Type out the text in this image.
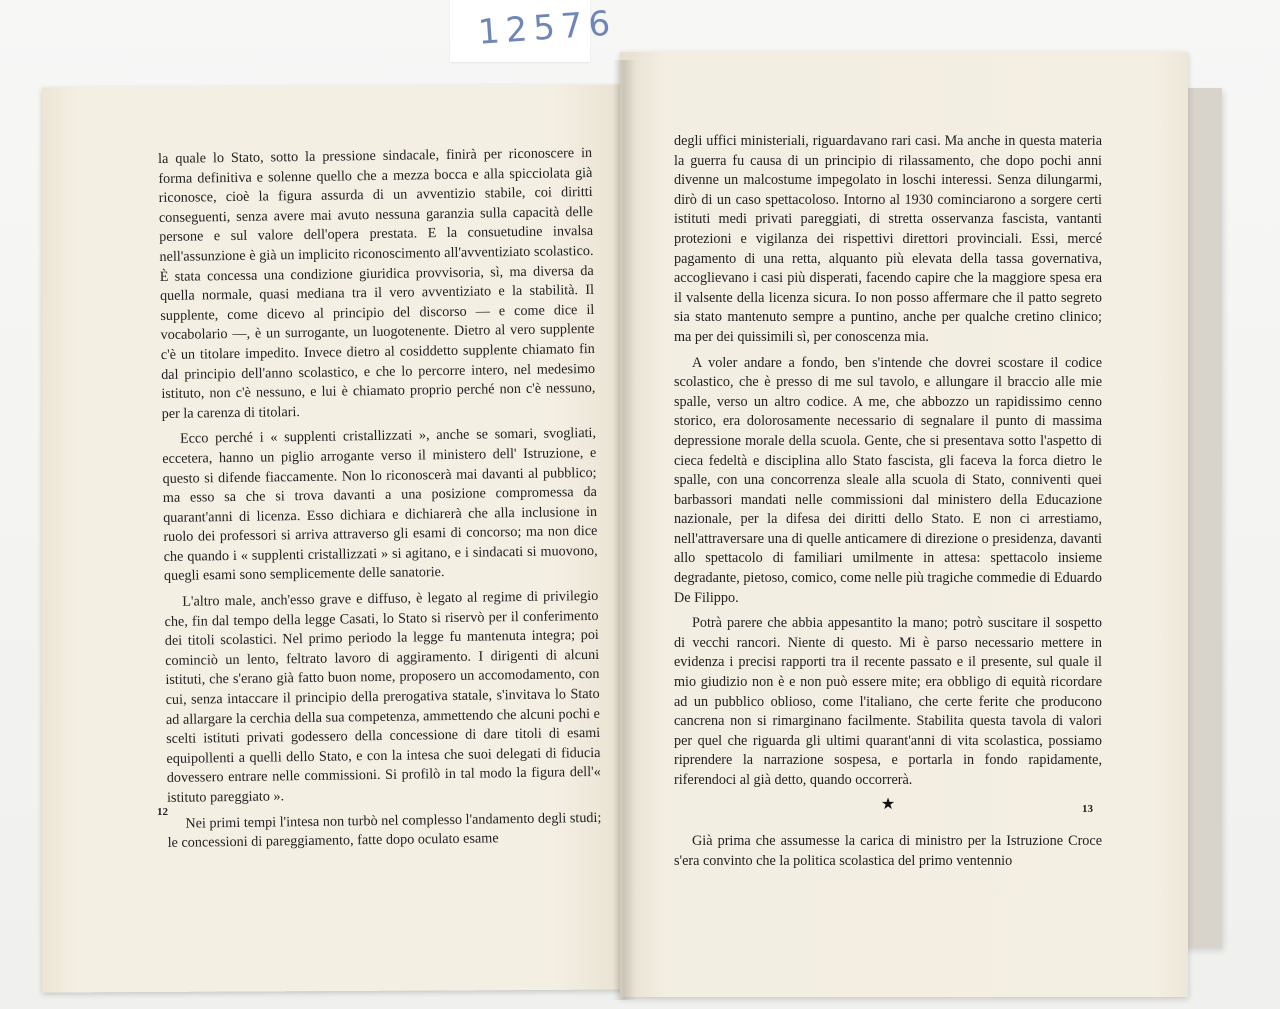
12576

la quale lo Stato, sotto la pressione sindacale, finirà per riconoscere in forma definitiva e solenne quello che a mezza bocca e alla spicciolata già riconosce, cioè la figura assurda di un avventizio stabile, coi diritti conseguenti, senza avere mai avuto nessuna garanzia sulla capacità delle persone e sul valore dell'opera prestata. E la consuetudine invalsa nell'assunzione è già un implicito riconoscimento all'avventiziato scolastico. È stata concessa una condizione giuridica provvisoria, sì, ma diversa da quella normale, quasi mediana tra il vero avventiziato e la stabilità. Il supplente, come dicevo al principio del discorso — e come dice il vocabolario —, è un surrogante, un luogotenente. Dietro al vero supplente c'è un titolare impedito. Invece dietro al cosiddetto supplente chiamato fin dal principio dell'anno scolastico, e che lo percorre intero, nel medesimo istituto, non c'è nessuno, e lui è chiamato proprio perché non c'è nessuno, per la carenza di titolari.

Ecco perché i « supplenti cristallizzati », anche se somari, svogliati, eccetera, hanno un piglio arrogante verso il ministero dell' Istruzione, e questo si difende fiaccamente. Non lo riconoscerà mai davanti al pubblico; ma esso sa che si trova davanti a una posizione compromessa da quarant'anni di licenza. Esso dichiara e dichiarerà che alla inclusione in ruolo dei professori si arriva attraverso gli esami di concorso; ma non dice che quando i « supplenti cristallizzati » si agitano, e i sindacati si muovono, quegli esami sono semplicemente delle sanatorie.

L'altro male, anch'esso grave e diffuso, è legato al regime di privilegio che, fin dal tempo della legge Casati, lo Stato si riservò per il conferimento dei titoli scolastici. Nel primo periodo la legge fu mantenuta integra; poi cominciò un lento, feltrato lavoro di aggiramento. I dirigenti di alcuni istituti, che s'erano già fatto buon nome, proposero un accomodamento, con cui, senza intaccare il principio della prerogativa statale, s'invitava lo Stato ad allargare la cerchia della sua competenza, ammettendo che alcuni pochi e scelti istituti privati godessero della concessione di dare titoli di esami equipollenti a quelli dello Stato, e con la intesa che suoi delegati di fiducia dovessero entrare nelle commissioni. Si profilò in tal modo la figura dell'« istituto pareggiato ».

Nei primi tempi l'intesa non turbò nel complesso l'andamento degli studi; le concessioni di pareggiamento, fatte dopo oculato esame

degli uffici ministeriali, riguardavano rari casi. Ma anche in questa materia la guerra fu causa di un principio di rilassamento, che dopo pochi anni divenne un malcostume impegolato in loschi interessi. Senza dilungarmi, dirò di un caso spettacoloso. Intorno al 1930 cominciarono a sorgere certi istituti medi privati pareggiati, di stretta osservanza fascista, vantanti protezioni e vigilanza dei rispettivi direttori provinciali. Essi, mercé pagamento di una retta, alquanto più elevata della tassa governativa, accoglievano i casi più disperati, facendo capire che la maggiore spesa era il valsente della licenza sicura. Io non posso affermare che il patto segreto sia stato mantenuto sempre a puntino, anche per qualche cretino clinico; ma per dei quissimili sì, per conoscenza mia.

A voler andare a fondo, ben s'intende che dovrei scostare il codice scolastico, che è presso di me sul tavolo, e allungare il braccio alle mie spalle, verso un altro codice. A me, che abbozzo un rapidissimo cenno storico, era dolorosamente necessario di segnalare il punto di massima depressione morale della scuola. Gente, che si presentava sotto l'aspetto di cieca fedeltà e disciplina allo Stato fascista, gli faceva la forca dietro le spalle, con una concorrenza sleale alla scuola di Stato, conniventi quei barbassori mandati nelle commissioni dal ministero della Educazione nazionale, per la difesa dei diritti dello Stato. E non ci arrestiamo, nell'attraversare una di quelle anticamere di direzione o presidenza, davanti allo spettacolo di familiari umilmente in attesa: spettacolo insieme degradante, pietoso, comico, come nelle più tragiche commedie di Eduardo De Filippo.

Potrà parere che abbia appesantito la mano; potrò suscitare il sospetto di vecchi rancori. Niente di questo. Mi è parso necessario mettere in evidenza i precisi rapporti tra il recente passato e il presente, sul quale il mio giudizio non è e non può essere mite; era obbligo di equità ricordare ad un pubblico oblioso, come l'italiano, che certe ferite che producono cancrena non si rimarginano facilmente. Stabilita questa tavola di valori per quel che riguarda gli ultimi quarant'anni di vita scolastica, possiamo riprendere la narrazione sospesa, e portarla in fondo rapidamente, riferendoci al già detto, quando occorrerà.

★

Già prima che assumesse la carica di ministro per la Istruzione Croce s'era convinto che la politica scolastica del primo ventennio

12	13
